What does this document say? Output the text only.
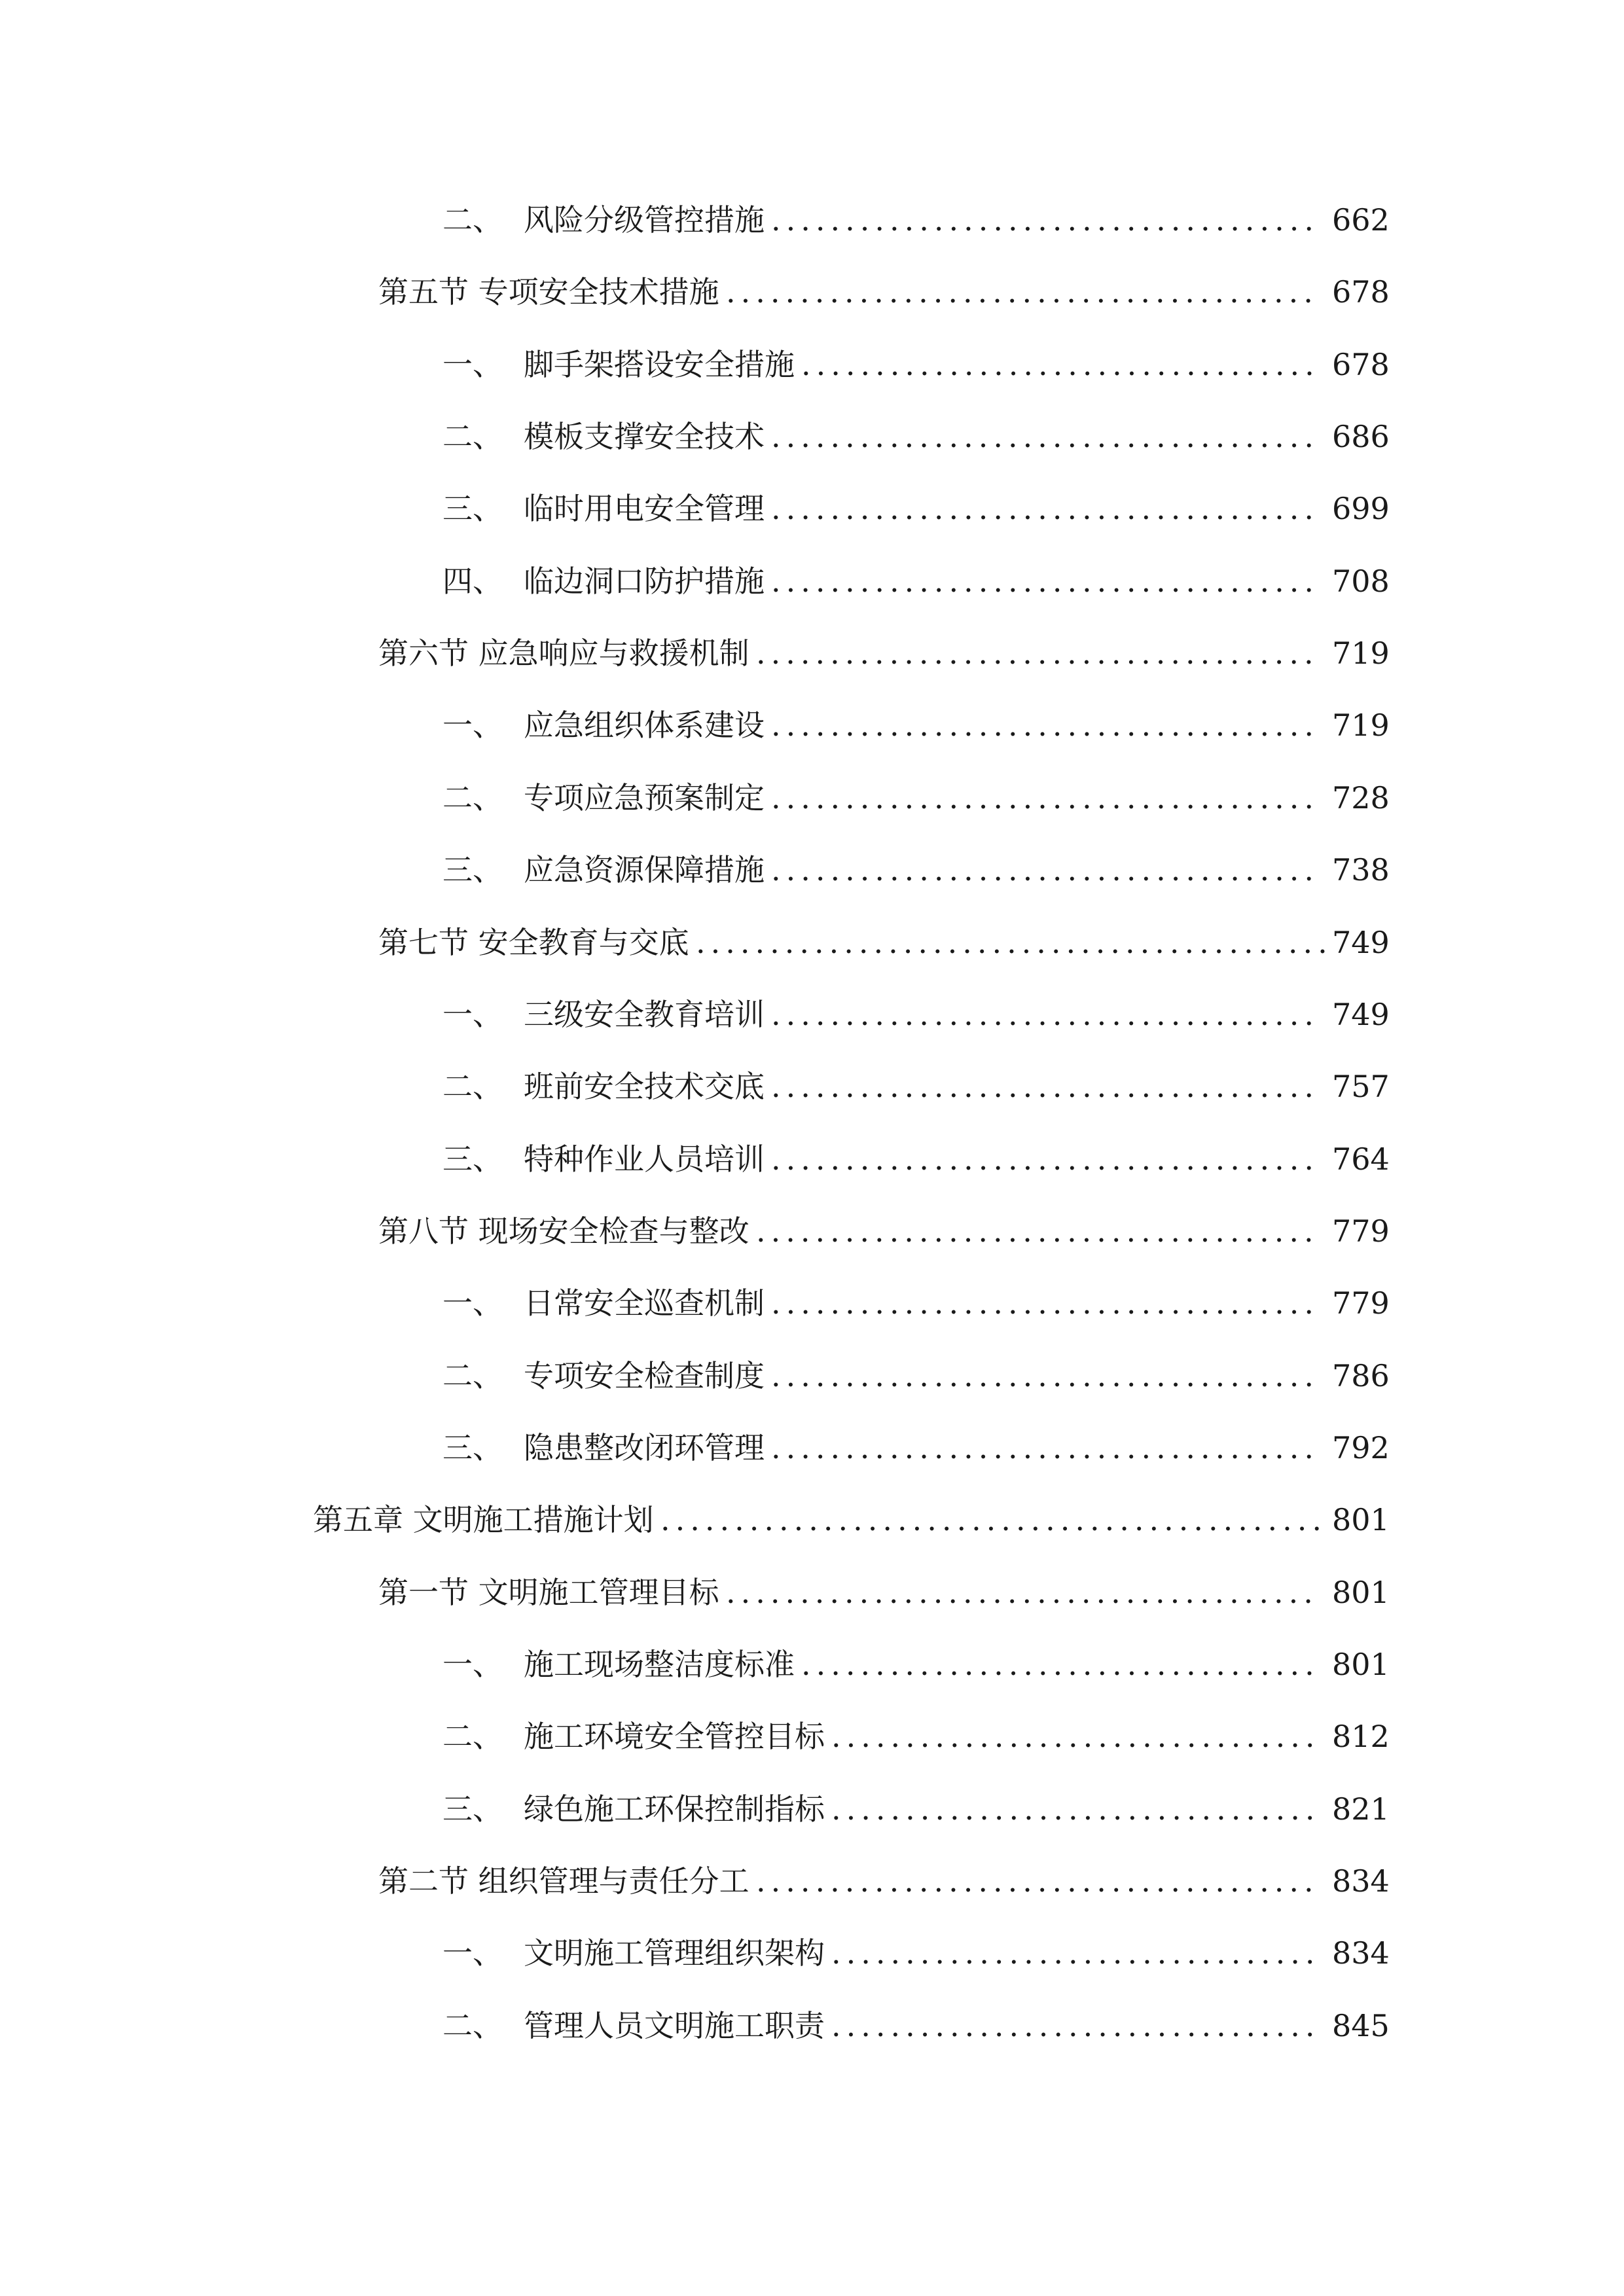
二、 风险分级管控措施 ..................................... 662
第五节 专项安全技术措施 ........................................ 678
一、 脚手架搭设安全措施 ................................... 678
二、 模板支撑安全技术 ..................................... 686
三、 临时用电安全管理 ..................................... 699
四、 临边洞口防护措施 ..................................... 708
第六节 应急响应与救援机制 ...................................... 719
一、 应急组织体系建设 ..................................... 719
二、 专项应急预案制定 ..................................... 728
三、 应急资源保障措施 ..................................... 738
第七节 安全教育与交底 ........................................... 749
一、 三级安全教育培训 ..................................... 749
二、 班前安全技术交底 ..................................... 757
三、 特种作业人员培训 ..................................... 764
第八节 现场安全检查与整改 ...................................... 779
一、 日常安全巡查机制 ..................................... 779
二、 专项安全检查制度 ..................................... 786
三、 隐患整改闭环管理 ..................................... 792
第五章 文明施工措施计划 ............................................. 801
第一节 文明施工管理目标 ........................................ 801
一、 施工现场整洁度标准 ................................... 801
二、 施工环境安全管控目标 ................................. 812
三、 绿色施工环保控制指标 ................................. 821
第二节 组织管理与责任分工 ...................................... 834
一、 文明施工管理组织架构 ................................. 834
二、 管理人员文明施工职责 ................................. 845
